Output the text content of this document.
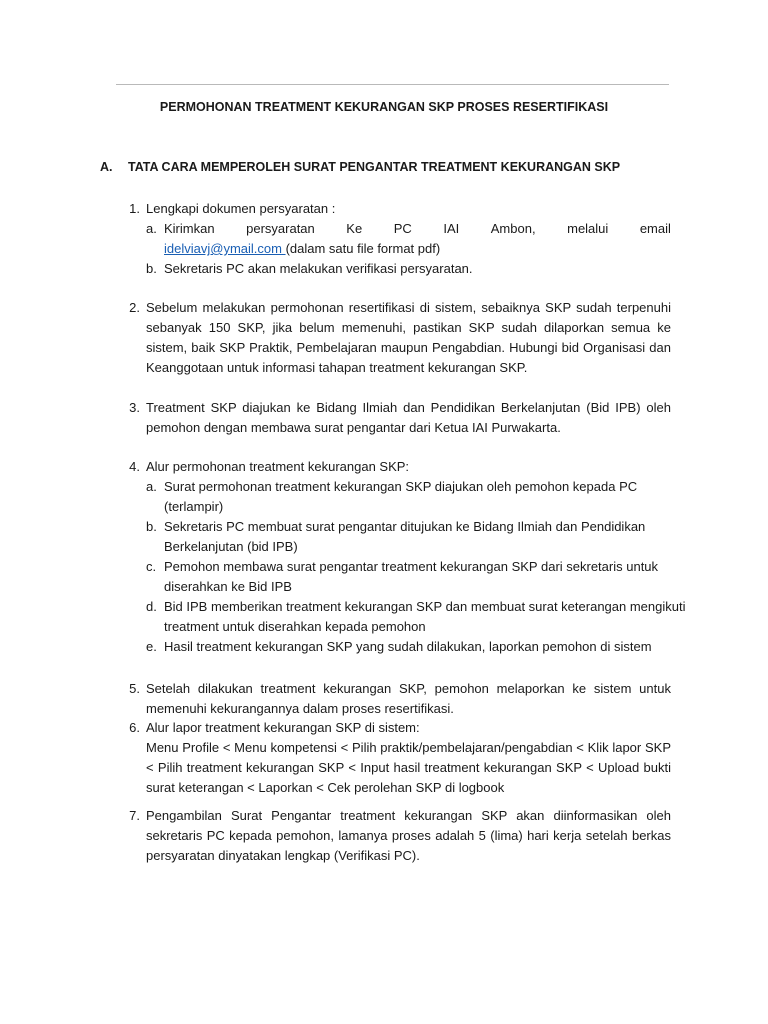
PERMOHONAN TREATMENT KEKURANGAN SKP PROSES RESERTIFIKASI
A. TATA CARA MEMPEROLEH SURAT PENGANTAR TREATMENT KEKURANGAN SKP
1. Lengkapi dokumen persyaratan :
a. Kirimkan persyaratan Ke PC IAI Ambon, melalui email
idelviavj@ymail.com (dalam satu file format pdf)
b. Sekretaris PC akan melakukan verifikasi persyaratan.
2. Sebelum melakukan permohonan resertifikasi di sistem, sebaiknya SKP sudah terpenuhi sebanyak 150 SKP, jika belum memenuhi, pastikan SKP sudah dilaporkan semua ke sistem, baik SKP Praktik, Pembelajaran maupun Pengabdian. Hubungi bid Organisasi dan Keanggotaan untuk informasi tahapan treatment kekurangan SKP.
3. Treatment SKP diajukan ke Bidang Ilmiah dan Pendidikan Berkelanjutan (Bid IPB) oleh pemohon dengan membawa surat pengantar dari Ketua IAI Purwakarta.
4. Alur permohonan treatment kekurangan SKP:
a. Surat permohonan treatment kekurangan SKP diajukan oleh pemohon kepada PC
(terlampir)
b. Sekretaris PC membuat surat pengantar ditujukan ke Bidang Ilmiah dan Pendidikan
Berkelanjutan (bid IPB)
c. Pemohon membawa surat pengantar treatment kekurangan SKP dari sekretaris untuk
diserahkan ke Bid IPB
d. Bid IPB memberikan treatment kekurangan SKP dan membuat surat keterangan mengikuti
treatment untuk diserahkan kepada pemohon
e. Hasil treatment kekurangan SKP yang sudah dilakukan, laporkan pemohon di sistem
5. Setelah dilakukan treatment kekurangan SKP, pemohon melaporkan ke sistem untuk memenuhi kekurangannya dalam proses resertifikasi.
6. Alur lapor treatment kekurangan SKP di sistem:
Menu Profile < Menu kompetensi < Pilih praktik/pembelajaran/pengabdian < Klik lapor SKP < Pilih treatment kekurangan SKP < Input hasil treatment kekurangan SKP < Upload bukti surat keterangan < Laporkan < Cek perolehan SKP di logbook
7. Pengambilan Surat Pengantar treatment kekurangan SKP akan diinformasikan oleh sekretaris PC kepada pemohon, lamanya proses adalah 5 (lima) hari kerja setelah berkas persyaratan dinyatakan lengkap (Verifikasi PC).
